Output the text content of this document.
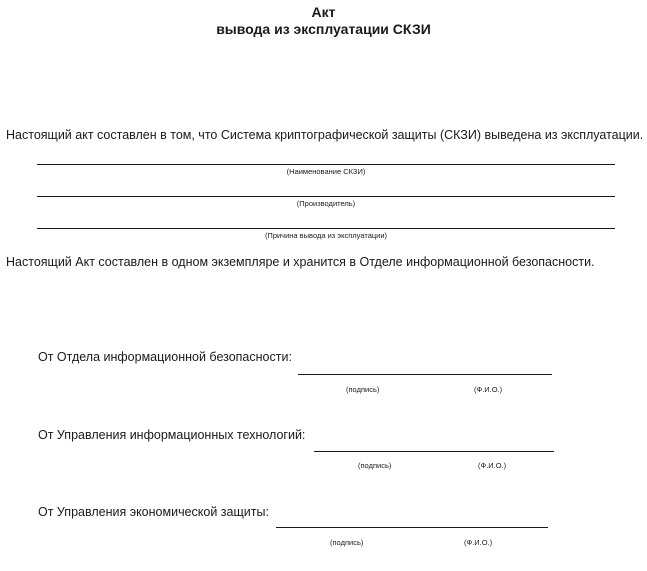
Акт
вывода из эксплуатации СКЗИ
Настоящий акт составлен в том, что Система криптографической защиты (СКЗИ) выведена из эксплуатации.
(Наименование СКЗИ)
(Производитель)
(Причина вывода из эксплуатации)
Настоящий Акт составлен в одном экземпляре и хранится в Отделе информационной безопасности.
От Отдела информационной безопасности:
(подпись)	(Ф.И.О.)
От Управления информационных технологий:
(подпись)	(Ф.И.О.)
От Управления экономической защиты:
(подпись)	(Ф.И.О.)
